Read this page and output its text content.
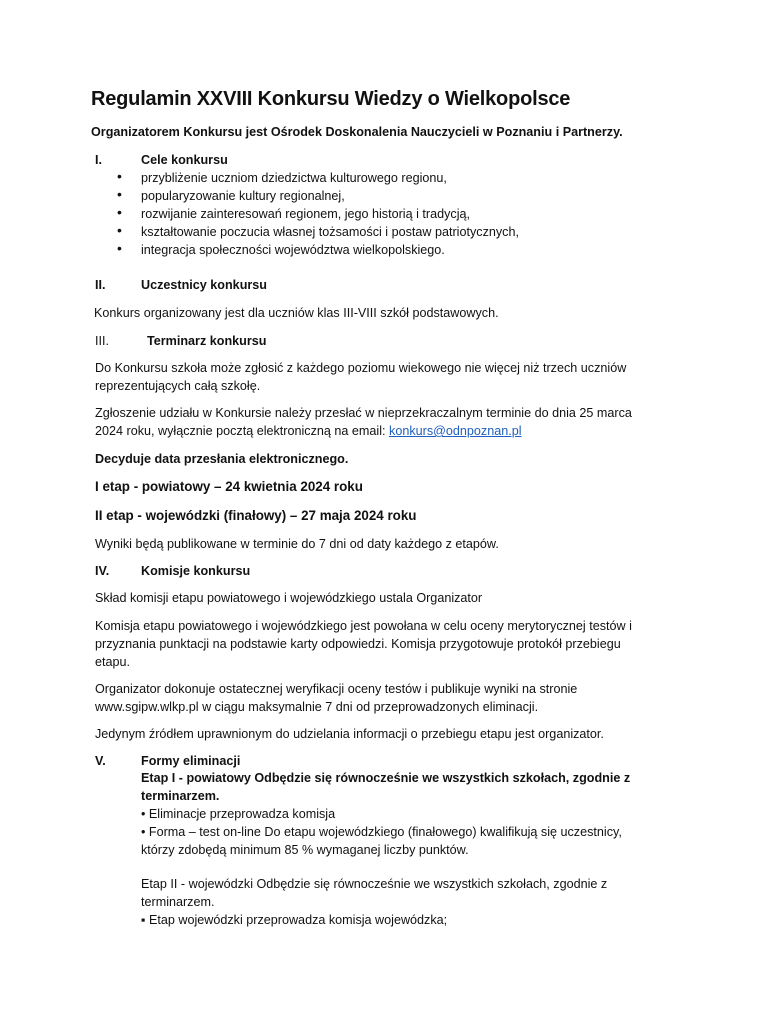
Regulamin XXVIII Konkursu Wiedzy o Wielkopolsce

Organizatorem Konkursu jest Ośrodek Doskonalenia Nauczycieli w Poznaniu i Partnerzy.

I.	Cele konkursu
• przybliżenie uczniom dziedzictwa kulturowego regionu,
• popularyzowanie kultury regionalnej,
• rozwijanie zainteresowań regionem, jego historią i tradycją,
• kształtowanie poczucia własnej tożsamości i postaw patriotycznych,
• integracja społeczności województwa wielkopolskiego.
II.	Uczestnicy konkursu

Konkurs organizowany jest dla uczniów klas III-VIII szkół podstawowych.

III.	Terminarz konkursu

Do Konkursu szkoła może zgłosić z każdego poziomu wiekowego nie więcej niż trzech uczniów

reprezentujących całą szkołę.

Zgłoszenie udziału w Konkursie należy przesłać w nieprzekraczalnym terminie do dnia 25 marca

2024 roku, wyłącznie pocztą elektroniczną na email: konkurs@odnpoznan.pl

Decyduje data przesłania elektronicznego.

I etap - powiatowy – 24 kwietnia 2024 roku

II etap - wojewódzki (finałowy) – 27 maja 2024 roku

Wyniki będą publikowane w terminie do 7 dni od daty każdego z etapów.

IV.	Komisje konkursu

Skład komisji etapu powiatowego i wojewódzkiego ustala Organizator

Komisja etapu powiatowego i wojewódzkiego jest powołana w celu oceny merytorycznej testów i

przyznania punktacji na podstawie karty odpowiedzi. Komisja przygotowuje protokół przebiegu

etapu.

Organizator dokonuje ostatecznej weryfikacji oceny testów i publikuje wyniki na stronie

www.sgipw.wlkp.pl w ciągu maksymalnie 7 dni od przeprowadzonych eliminacji.

Jedynym źródłem uprawnionym do udzielania informacji o przebiegu etapu jest organizator.

V.	Formy eliminacji

Etap I - powiatowy Odbędzie się równocześnie we wszystkich szkołach, zgodnie z

terminarzem.

• Eliminacje przeprowadza komisja

• Forma – test on-line Do etapu wojewódzkiego (finałowego) kwalifikują się uczestnicy,

którzy zdobędą minimum 85 % wymaganej liczby punktów.

Etap II - wojewódzki Odbędzie się równocześnie we wszystkich szkołach, zgodnie z

terminarzem.

▪ Etap wojewódzki przeprowadza komisja wojewódzka;
